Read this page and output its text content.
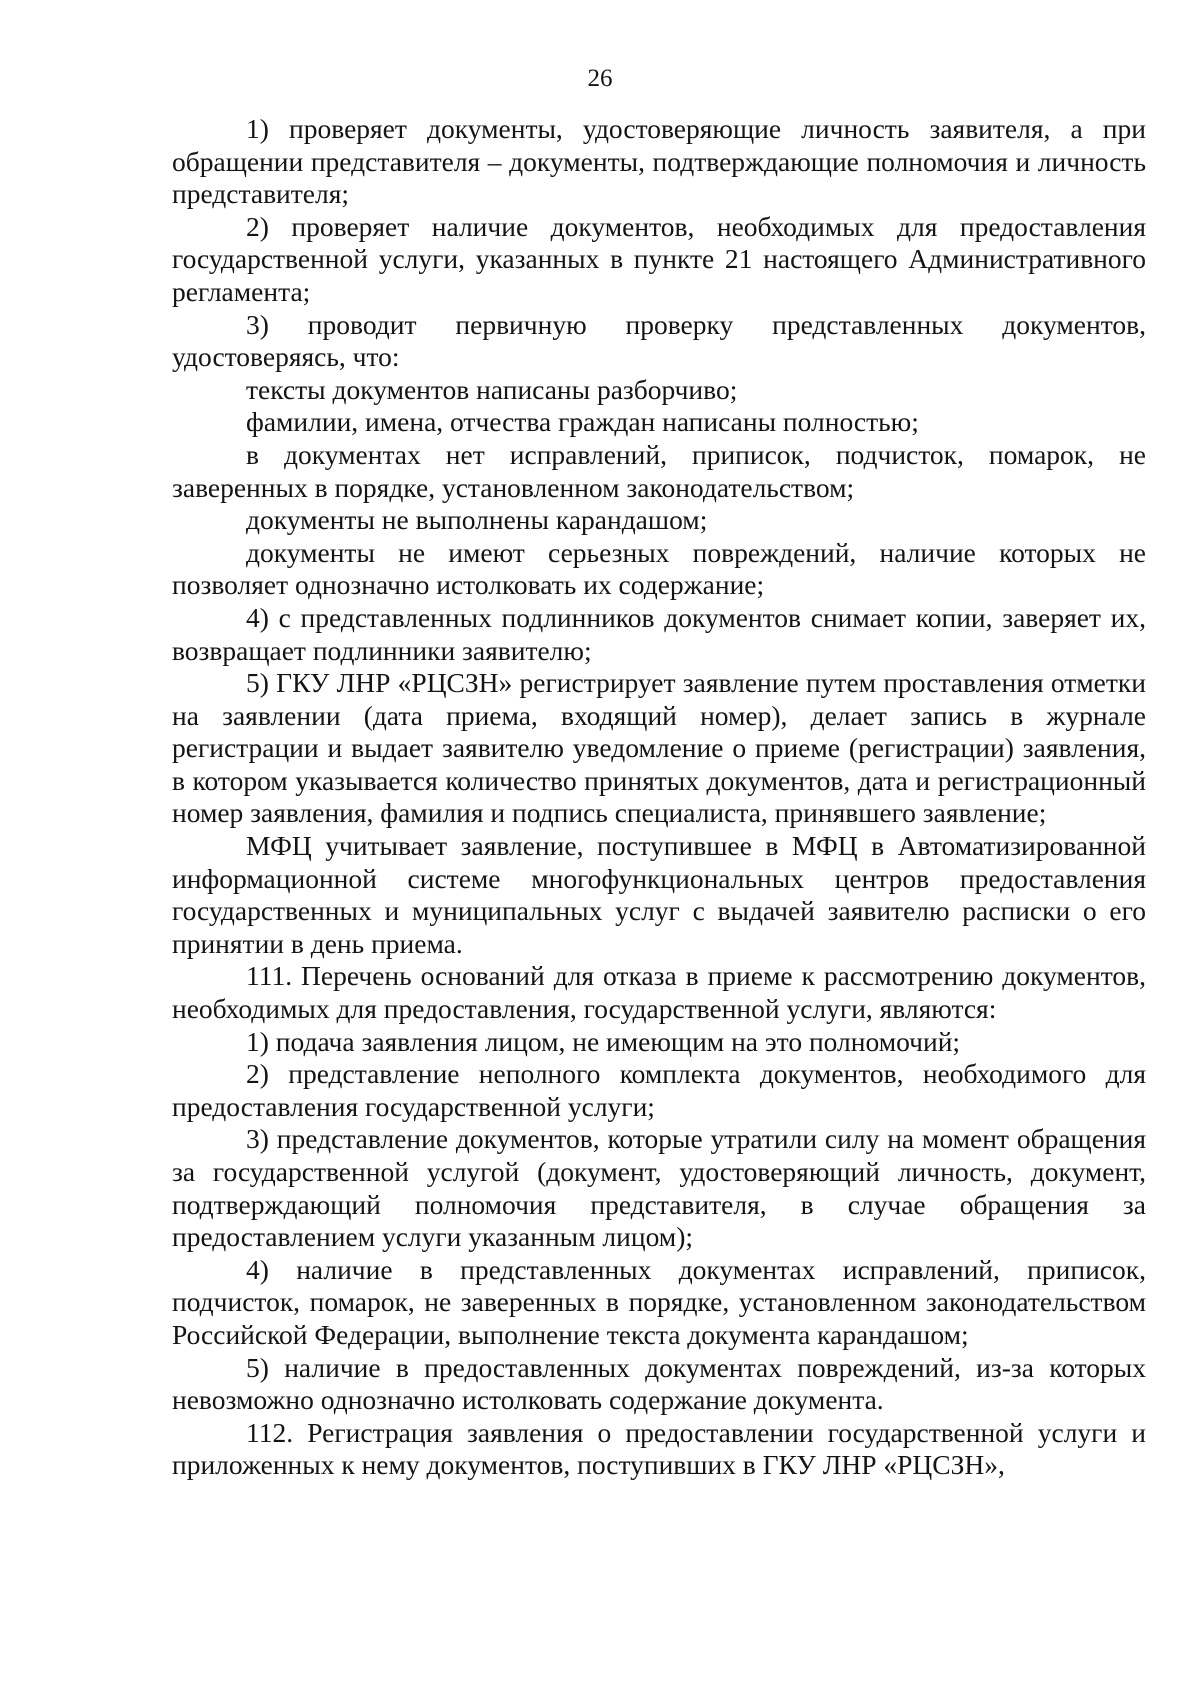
26

1) проверяет документы, удостоверяющие личность заявителя, а при обращении представителя – документы, подтверждающие полномочия и личность представителя;

2) проверяет наличие документов, необходимых для предоставления государственной услуги, указанных в пункте 21 настоящего Административного регламента;

3) проводит первичную проверку представленных документов, удостоверяясь, что:

тексты документов написаны разборчиво;

фамилии, имена, отчества граждан написаны полностью;

в документах нет исправлений, приписок, подчисток, помарок, не заверенных в порядке, установленном законодательством;

документы не выполнены карандашом;

документы не имеют серьезных повреждений, наличие которых не позволяет однозначно истолковать их содержание;

4) с представленных подлинников документов снимает копии, заверяет их, возвращает подлинники заявителю;

5) ГКУ ЛНР «РЦСЗН» регистрирует заявление путем проставления отметки на заявлении (дата приема, входящий номер), делает запись в журнале регистрации и выдает заявителю уведомление о приеме (регистрации) заявления, в котором указывается количество принятых документов, дата и регистрационный номер заявления, фамилия и подпись специалиста, принявшего заявление;

МФЦ учитывает заявление, поступившее в МФЦ в Автоматизированной информационной системе многофункциональных центров предоставления государственных и муниципальных услуг с выдачей заявителю расписки о его принятии в день приема.

111. Перечень оснований для отказа в приеме к рассмотрению документов, необходимых для предоставления, государственной услуги, являются:

1) подача заявления лицом, не имеющим на это полномочий;

2) представление неполного комплекта документов, необходимого для предоставления государственной услуги;

3) представление документов, которые утратили силу на момент обращения за государственной услугой (документ, удостоверяющий личность, документ, подтверждающий полномочия представителя, в случае обращения за предоставлением услуги указанным лицом);

4) наличие в представленных документах исправлений, приписок, подчисток, помарок, не заверенных в порядке, установленном законодательством Российской Федерации, выполнение текста документа карандашом;

5) наличие в предоставленных документах повреждений, из-за которых невозможно однозначно истолковать содержание документа.

112. Регистрация заявления о предоставлении государственной услуги и приложенных к нему документов, поступивших в ГКУ ЛНР «РЦСЗН»,
